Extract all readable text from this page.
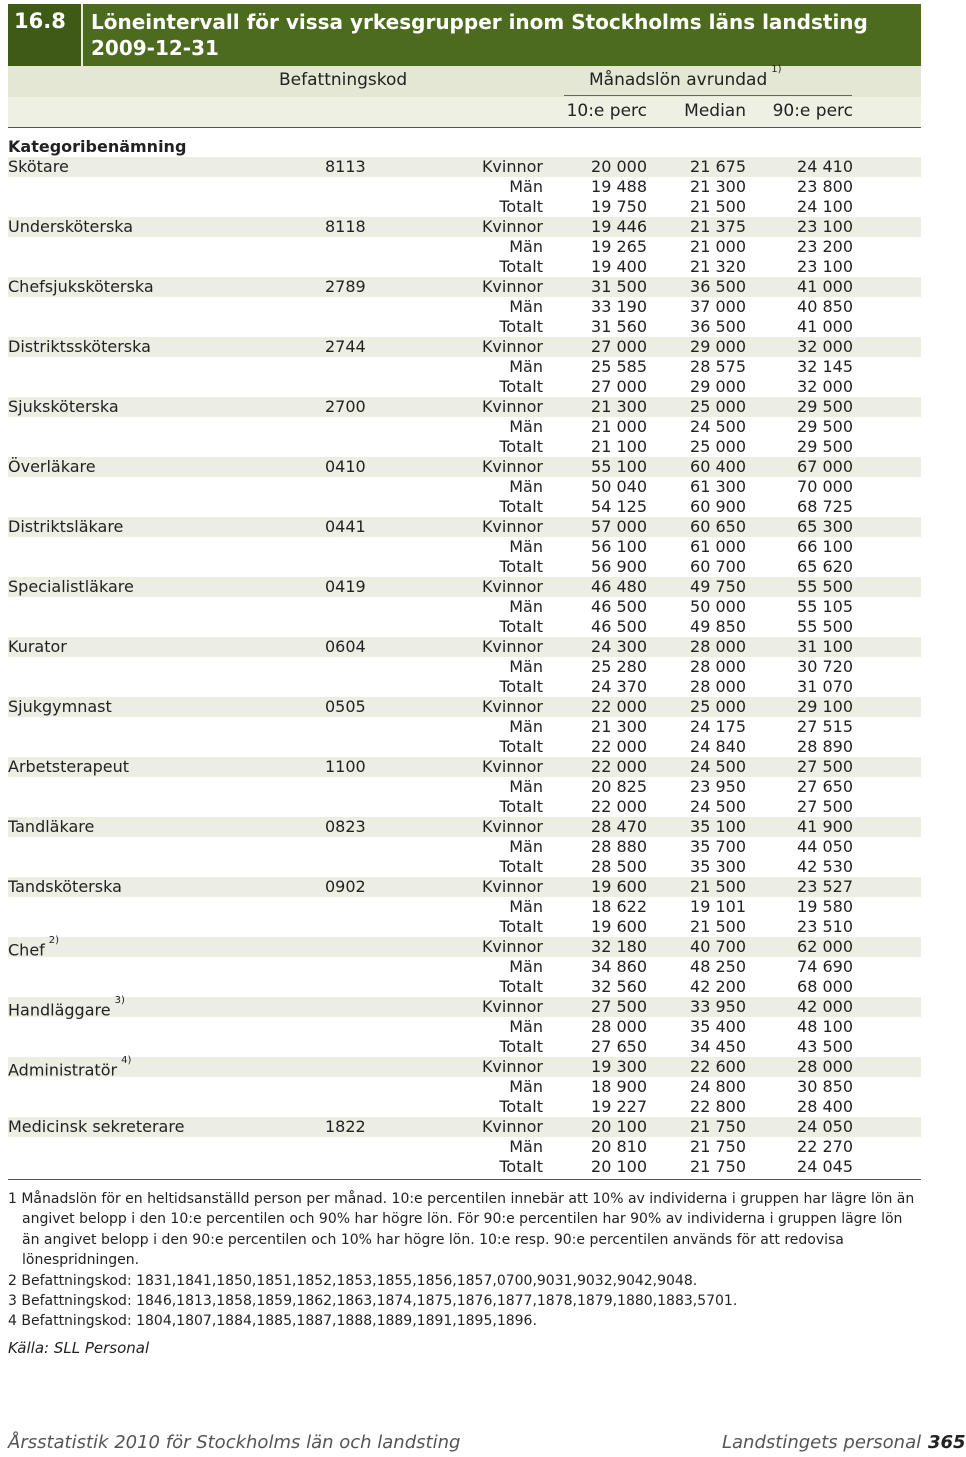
16.8	Löneintervall för vissa yrkesgrupper inom Stockholms läns landsting
2009-12-31
Befattningskod	Månadslön avrundad$^{1)}$
10:e perc Median 90:e perc
Kategoribenämning
Skötare	8113	Kvinnor	20 000	21 675	24 410
Män	19 488	21 300	23 800
Totalt	19 750	21 500	24 100
Undersköterska	8118	Kvinnor	19 446	21 375	23 100
Män	19 265	21 000	23 200
Totalt	19 400	21 320	23 100
Chefsjuksköterska	2789	Kvinnor	31 500	36 500	41 000
Män	33 190	37 000	40 850
Totalt	31 560	36 500	41 000
Distriktssköterska	2744	Kvinnor	27 000	29 000	32 000
Män	25 585	28 575	32 145
Totalt	27 000	29 000	32 000
Sjuksköterska	2700	Kvinnor	21 300	25 000	29 500
Män	21 000	24 500	29 500
Totalt	21 100	25 000	29 500
Överläkare	0410	Kvinnor	55 100	60 400	67 000
Män	50 040	61 300	70 000
Totalt	54 125	60 900	68 725
Distriktsläkare	0441	Kvinnor	57 000	60 650	65 300
Män	56 100	61 000	66 100
Totalt	56 900	60 700	65 620
Specialistläkare	0419	Kvinnor	46 480	49 750	55 500
Män	46 500	50 000	55 105
Totalt	46 500	49 850	55 500
Kurator	0604	Kvinnor	24 300	28 000	31 100
Män	25 280	28 000	30 720
Totalt	24 370	28 000	31 070
Sjukgymnast	0505	Kvinnor	22 000	25 000	29 100
Män	21 300	24 175	27 515
Totalt	22 000	24 840	28 890
Arbetsterapeut	1100	Kvinnor	22 000	24 500	27 500
Män	20 825	23 950	27 650
Totalt	22 000	24 500	27 500
Tandläkare	0823	Kvinnor	28 470	35 100	41 900
Män	28 880	35 700	44 050
Totalt	28 500	35 300	42 530
Tandsköterska	0902	Kvinnor	19 600	21 500	23 527
Män	18 622	19 101	19 580
Totalt	19 600	21 500	23 510
Chef $^{2)}$	Kvinnor	32 180	40 700	62 000
Män	34 860	48 250	74 690
Totalt	32 560	42 200	68 000
Handläggare $^{3)}$	Kvinnor	27 500	33 950	42 000
Män	28 000	35 400	48 100
Totalt	27 650	34 450	43 500
Administratör $^{4)}$	Kvinnor	19 300	22 600	28 000
Män	18 900	24 800	30 850
Totalt	19 227	22 800	28 400
Medicinsk sekreterare	1822	Kvinnor	20 100	21 750	24 050
Män	20 810	21 750	22 270
Totalt	20 100	21 750	24 045
1 Månadslön för en heltidsanställd person per månad. 10:e percentilen innebär att 10% av individerna i gruppen har lägre lön än angivet belopp i den 10:e percentilen och 90% har högre lön. För 90:e percentilen har 90% av individerna i gruppen lägre lön än angivet belopp i den 90:e percentilen och 10% har högre lön. 10:e resp. 90:e percentilen används för att redovisa lönespridningen.
2 Befattningskod: 1831,1841,1850,1851,1852,1853,1855,1856,1857,0700,9031,9032,9042,9048.
3 Befattningskod: 1846,1813,1858,1859,1862,1863,1874,1875,1876,1877,1878,1879,1880,1883,5701.
4 Befattningskod: 1804,1807,1884,1885,1887,1888,1889,1891,1895,1896.
Källa: SLL Personal
Årsstatistik 2010 för Stockholms län och landsting	Landstingets personal 365
